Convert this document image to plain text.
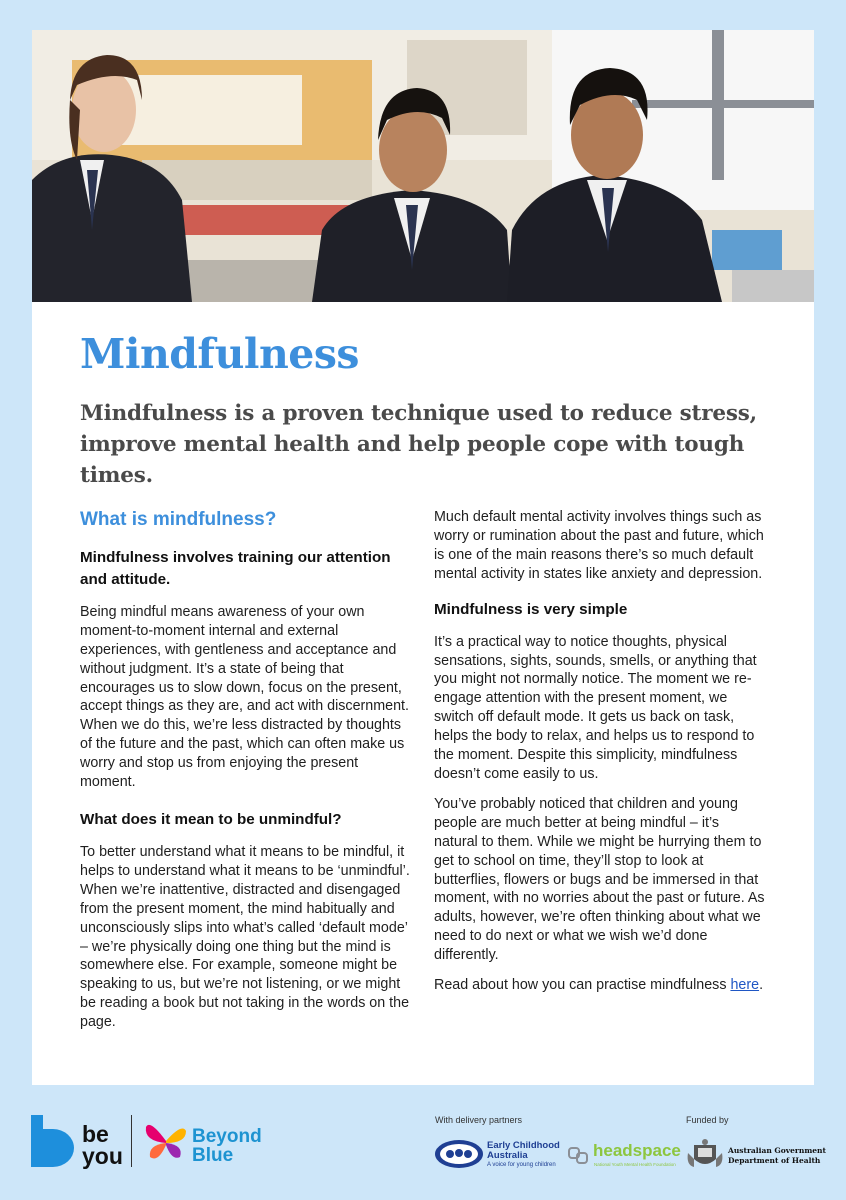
Mindfulness

Mindfulness is a proven technique used to reduce stress, improve mental health and help people cope with tough times.

What is mindfulness?
Mindfulness involves training our attention and attitude.

Being mindful means awareness of your own moment-to-moment internal and external experiences, with gentleness and acceptance and without judgment. It’s a state of being that encourages us to slow down, focus on the present, accept things as they are, and act with discernment. When we do this, we’re less distracted by thoughts of the future and the past, which can often make us worry and stop us from enjoying the present moment.

What does it mean to be unmindful?

To better understand what it means to be mindful, it helps to understand what it means to be ‘unmindful’. When we’re inattentive, distracted and disengaged from the present moment, the mind habitually and unconsciously slips into what’s called ‘default mode’ – we’re physically doing one thing but the mind is somewhere else. For example, someone might be speaking to us, but we’re not listening, or we might be reading a book but not taking in the words on the page.

Much default mental activity involves things such as worry or rumination about the past and future, which is one of the main reasons there’s so much default mental activity in states like anxiety and depression.

Mindfulness is very simple

It’s a practical way to notice thoughts, physical sensations, sights, sounds, smells, or anything that you might not normally notice. The moment we re-engage attention with the present moment, we switch off default mode. It gets us back on task, helps the body to relax, and helps us to respond to the moment. Despite this simplicity, mindfulness doesn’t come easily to us.

You’ve probably noticed that children and young people are much better at being mindful – it’s natural to them. While we might be hurrying them to get to school on time, they’ll stop to look at butterflies, flowers or bugs and be immersed in that moment, with no worries about the past or future. As adults, however, we’re often thinking about what we need to do next or what we wish we’d done differently.

Read about how you can practise mindfulness here.

be
you
Beyond
Blue
With delivery partners	Funded by
Early Childhood
Australia
A voice for young children
headspace
National Youth Mental Health Foundation
Australian Government
Department of Health
